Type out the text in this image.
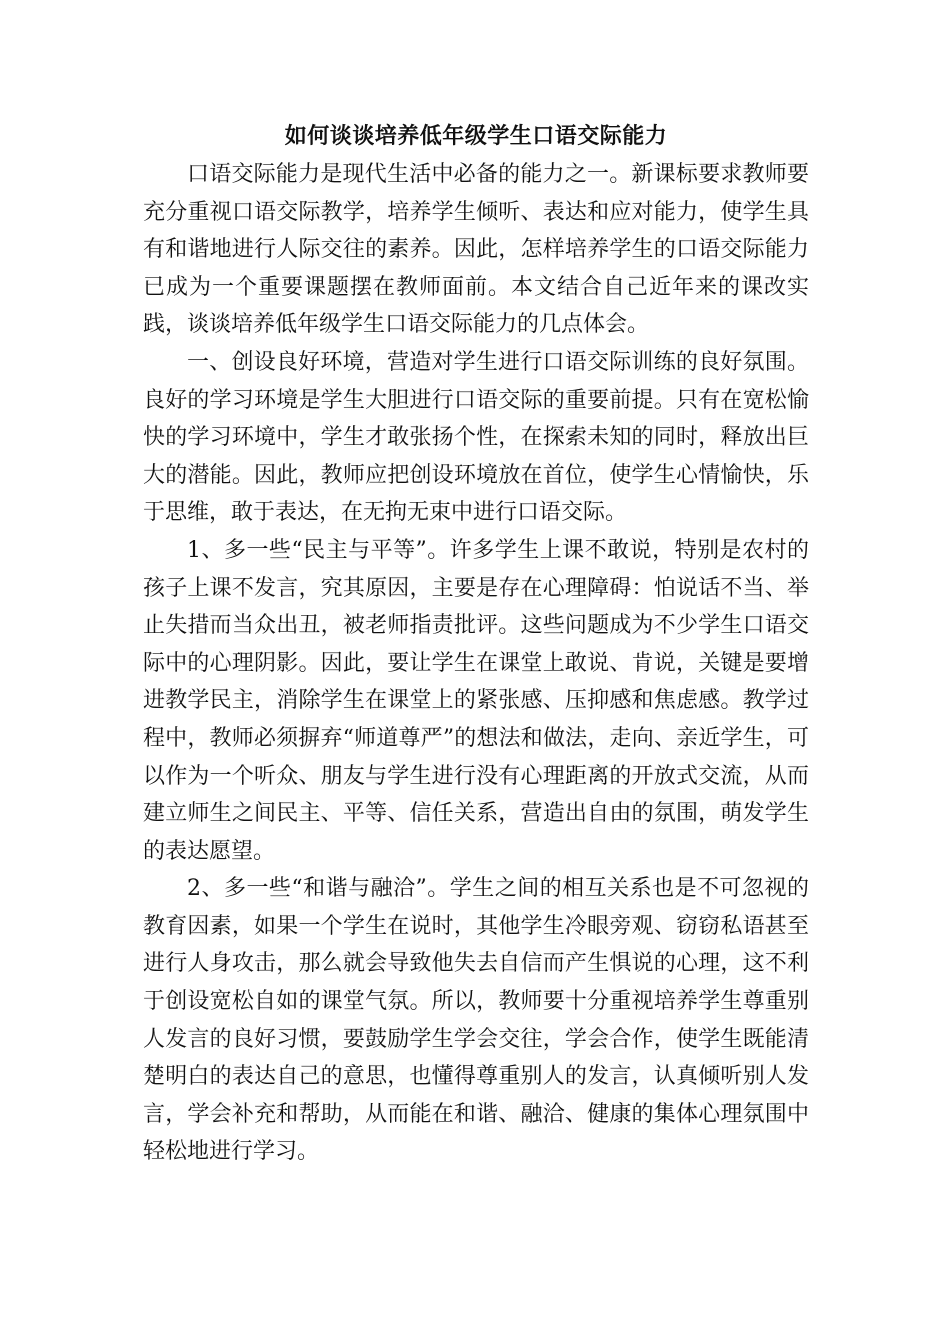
如何谈谈培养低年级学生口语交际能力

口语交际能力是现代生活中必备的能力之一。新课标要求教师要充分重视口语交际教学，培养学生倾听、表达和应对能力，使学生具有和谐地进行人际交往的素养。因此，怎样培养学生的口语交际能力已成为一个重要课题摆在教师面前。本文结合自己近年来的课改实践，谈谈培养低年级学生口语交际能力的几点体会。

一、创设良好环境，营造对学生进行口语交际训练的良好氛围。良好的学习环境是学生大胆进行口语交际的重要前提。只有在宽松愉快的学习环境中，学生才敢张扬个性，在探索未知的同时，释放出巨大的潜能。因此，教师应把创设环境放在首位，使学生心情愉快，乐于思维，敢于表达，在无拘无束中进行口语交际。

1、多一些“民主与平等”。许多学生上课不敢说，特别是农村的孩子上课不发言，究其原因，主要是存在心理障碍：怕说话不当、举止失措而当众出丑，被老师指责批评。这些问题成为不少学生口语交际中的心理阴影。因此，要让学生在课堂上敢说、肯说，关键是要增进教学民主，消除学生在课堂上的紧张感、压抑感和焦虑感。教学过程中，教师必须摒弃“师道尊严”的想法和做法，走向、亲近学生，可以作为一个听众、朋友与学生进行没有心理距离的开放式交流，从而建立师生之间民主、平等、信任关系，营造出自由的氛围，萌发学生的表达愿望。

2、多一些“和谐与融洽”。学生之间的相互关系也是不可忽视的教育因素，如果一个学生在说时，其他学生冷眼旁观、窃窃私语甚至进行人身攻击，那么就会导致他失去自信而产生惧说的心理，这不利于创设宽松自如的课堂气氛。所以，教师要十分重视培养学生尊重别人发言的良好习惯，要鼓励学生学会交往，学会合作，使学生既能清楚明白的表达自己的意思，也懂得尊重别人的发言，认真倾听别人发言，学会补充和帮助，从而能在和谐、融洽、健康的集体心理氛围中轻松地进行学习。
